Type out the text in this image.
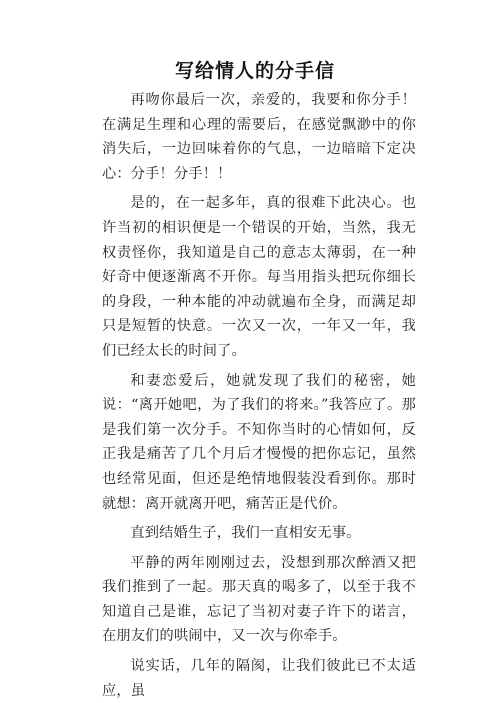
写给情人的分手信

再吻你最后一次，亲爱的，我要和你分手！在满足生理和心理的需要后，在感觉飘渺中的你消失后，一边回味着你的气息，一边暗暗下定决心：分手！分手！！

是的，在一起多年，真的很难下此决心。也许当初的相识便是一个错误的开始，当然，我无权责怪你，我知道是自己的意志太薄弱，在一种好奇中便逐渐离不开你。每当用指头把玩你细长的身段，一种本能的冲动就遍布全身，而满足却只是短暂的快意。一次又一次，一年又一年，我们已经太长的时间了。

和妻恋爱后，她就发现了我们的秘密，她说：“离开她吧，为了我们的将来。”我答应了。那是我们第一次分手。不知你当时的心情如何，反正我是痛苦了几个月后才慢慢的把你忘记，虽然也经常见面，但还是绝情地假装没看到你。那时就想：离开就离开吧，痛苦正是代价。

直到结婚生子，我们一直相安无事。

平静的两年刚刚过去，没想到那次醉酒又把我们推到了一起。那天真的喝多了，以至于我不知道自己是谁，忘记了当初对妻子许下的诺言，在朋友们的哄闹中，又一次与你牵手。

说实话，几年的隔阂，让我们彼此已不太适应，虽
